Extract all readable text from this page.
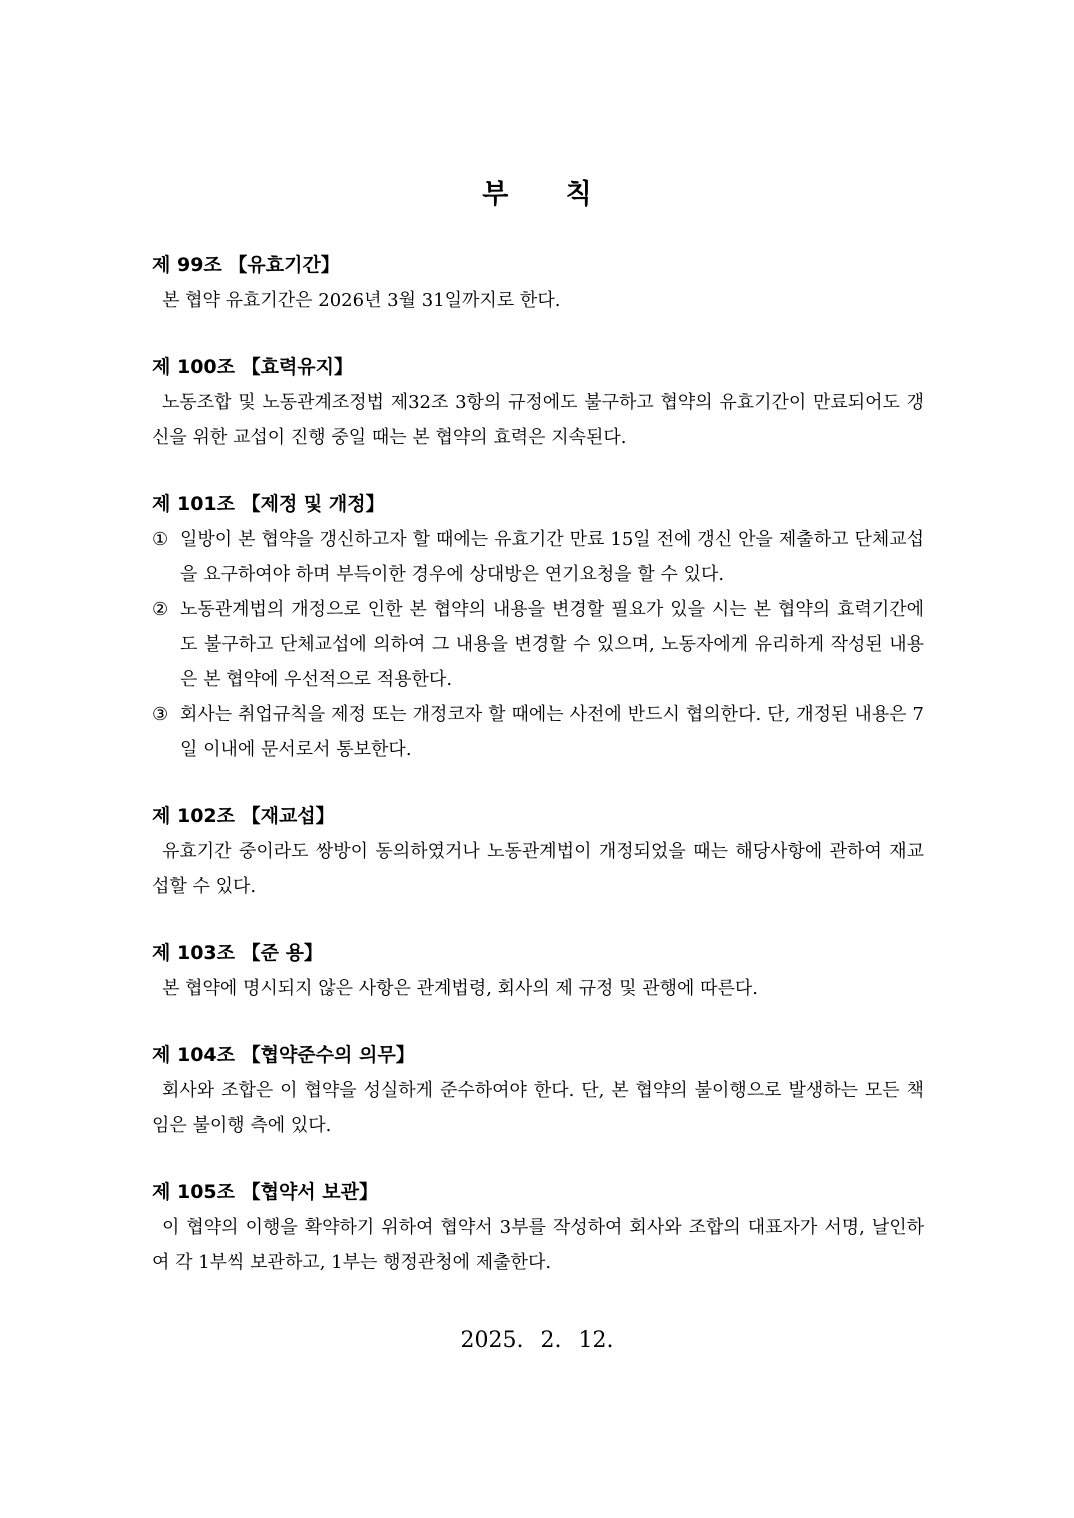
부 칙
제 99조 【유효기간】
본 협약 유효기간은 2026년 3월 31일까지로 한다.
제 100조 【효력유지】
노동조합 및 노동관계조정법 제32조 3항의 규정에도 불구하고 협약의 유효기간이 만료되어도 갱신을 위한 교섭이 진행 중일 때는 본 협약의 효력은 지속된다.
제 101조 【제정 및 개정】
① 일방이 본 협약을 갱신하고자 할 때에는 유효기간 만료 15일 전에 갱신 안을 제출하고 단체교섭을 요구하여야 하며 부득이한 경우에 상대방은 연기요청을 할 수 있다.
② 노동관계법의 개정으로 인한 본 협약의 내용을 변경할 필요가 있을 시는 본 협약의 효력기간에도 불구하고 단체교섭에 의하여 그 내용을 변경할 수 있으며, 노동자에게 유리하게 작성된 내용은 본 협약에 우선적으로 적용한다.
③ 회사는 취업규칙을 제정 또는 개정코자 할 때에는 사전에 반드시 협의한다. 단, 개정된 내용은 7일 이내에 문서로서 통보한다.
제 102조 【재교섭】
유효기간 중이라도 쌍방이 동의하였거나 노동관계법이 개정되었을 때는 해당사항에 관하여 재교섭할 수 있다.
제 103조 【준 용】
본 협약에 명시되지 않은 사항은 관계법령, 회사의 제 규정 및 관행에 따른다.
제 104조 【협약준수의 의무】
회사와 조합은 이 협약을 성실하게 준수하여야 한다. 단, 본 협약의 불이행으로 발생하는 모든 책임은 불이행 측에 있다.
제 105조 【협약서 보관】
이 협약의 이행을 확약하기 위하여 협약서 3부를 작성하여 회사와 조합의 대표자가 서명, 날인하여 각 1부씩 보관하고, 1부는 행정관청에 제출한다.
2025. 2. 12.
